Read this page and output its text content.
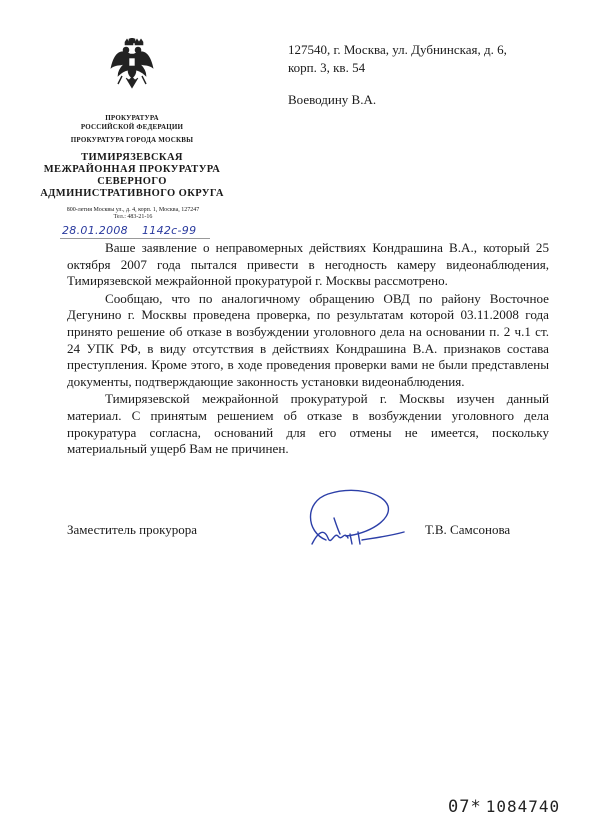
ПРОКУРАТУРА
РОССИЙСКОЙ ФЕДЕРАЦИИ
ПРОКУРАТУРА ГОРОДА МОСКВЫ
ТИМИРЯЗЕВСКАЯ
МЕЖРАЙОННАЯ ПРОКУРАТУРА
СЕВЕРНОГО
АДМИНИСТРАТИВНОГО ОКРУГА
800-летия Москвы ул., д. 4, корп. 1, Москва, 127247
Тел.: 483-21-16
28.01.2008 1142с-99
127540, г. Москва, ул. Дубнинская, д. 6,
корп. 3, кв. 54
Воеводину В.А.

Ваше заявление о неправомерных действиях Кондрашина В.А., который 25 октября 2007 года пытался привести в негодность камеру видеонаблюдения, Тимирязевской межрайонной прокуратурой г. Москвы рассмотрено.

Сообщаю, что по аналогичному обращению ОВД по району Восточное Дегунино г. Москвы проведена проверка, по результатам которой 03.11.2008 года принято решение об отказе в возбуждении уголовного дела на основании п. 2 ч.1 ст. 24 УПК РФ, в виду отсутствия в действиях Кондрашина В.А. признаков состава преступления. Кроме этого, в ходе проведения проверки вами не были представлены документы, подтверждающие законность установки видеонаблюдения.

Тимирязевской межрайонной прокуратурой г. Москвы изучен данный материал. С принятым решением об отказе в возбуждении уголовного дела прокуратура согласна, оснований для его отмены не имеется, поскольку материальный ущерб Вам не причинен.

Заместитель прокурора	Т.В. Самсонова
07* 1084740
